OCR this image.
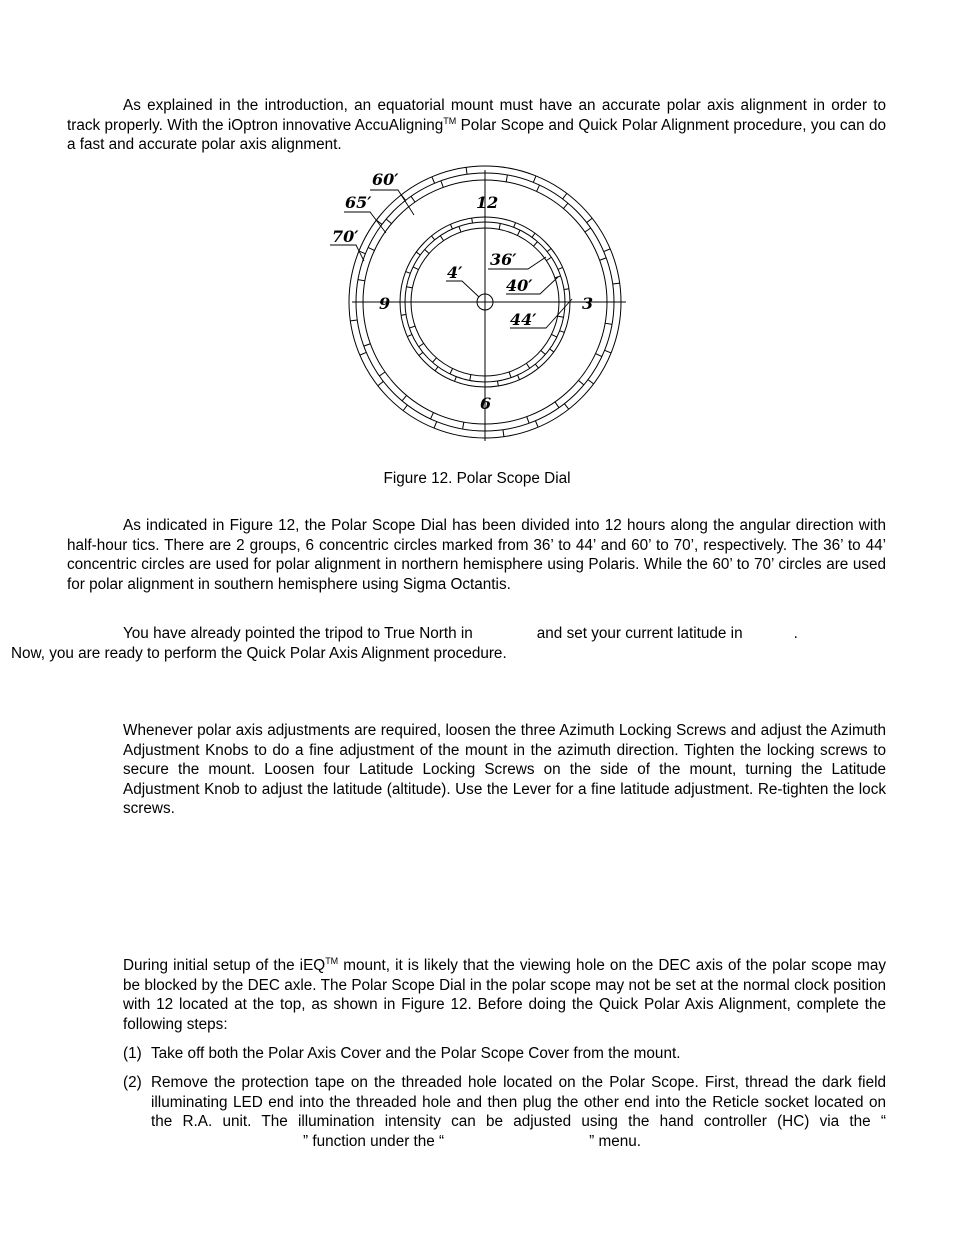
As explained in the introduction, an equatorial mount must have an accurate polar axis alignment in order to track properly. With the iOptron innovative AccuAligning™ Polar Scope and Quick Polar Alignment procedure, you can do a fast and accurate polar axis alignment.

60′
65′
70′
12
3
6
9
36′
40′
44′
4′
Figure 12. Polar Scope Dial

As indicated in Figure 12, the Polar Scope Dial has been divided into 12 hours along the angular direction with half-hour tics. There are 2 groups, 6 concentric circles marked from 36’ to 44’ and 60’ to 70’, respectively. The 36’ to 44’ concentric circles are used for polar alignment in northern hemisphere using Polaris. While the 60’ to 70’ circles are used for polar alignment in southern hemisphere using Sigma Octantis.

You have already pointed the tripod to True North in	and set your current latitude in	.
Now, you are ready to perform the Quick Polar Axis Alignment procedure.

Whenever polar axis adjustments are required, loosen the three Azimuth Locking Screws and adjust the Azimuth Adjustment Knobs to do a fine adjustment of the mount in the azimuth direction. Tighten the locking screws to secure the mount. Loosen four Latitude Locking Screws on the side of the mount, turning the Latitude Adjustment Knob to adjust the latitude (altitude). Use the Lever for a fine latitude adjustment. Re-tighten the lock screws.

During initial setup of the iEQ™ mount, it is likely that the viewing hole on the DEC axis of the polar scope may be blocked by the DEC axle. The Polar Scope Dial in the polar scope may not be set at the normal clock position with 12 located at the top, as shown in Figure 12. Before doing the Quick Polar Axis Alignment, complete the following steps:

(1) Take off both the Polar Axis Cover and the Polar Scope Cover from the mount.
(2) Remove the protection tape on the threaded hole located on the Polar Scope. First, thread the dark field illuminating LED end into the threaded hole and then plug the other end into the Reticle socket located on the R.A. unit. The illumination intensity can be adjusted using the hand controller (HC) via the “” function under the “	” menu.
